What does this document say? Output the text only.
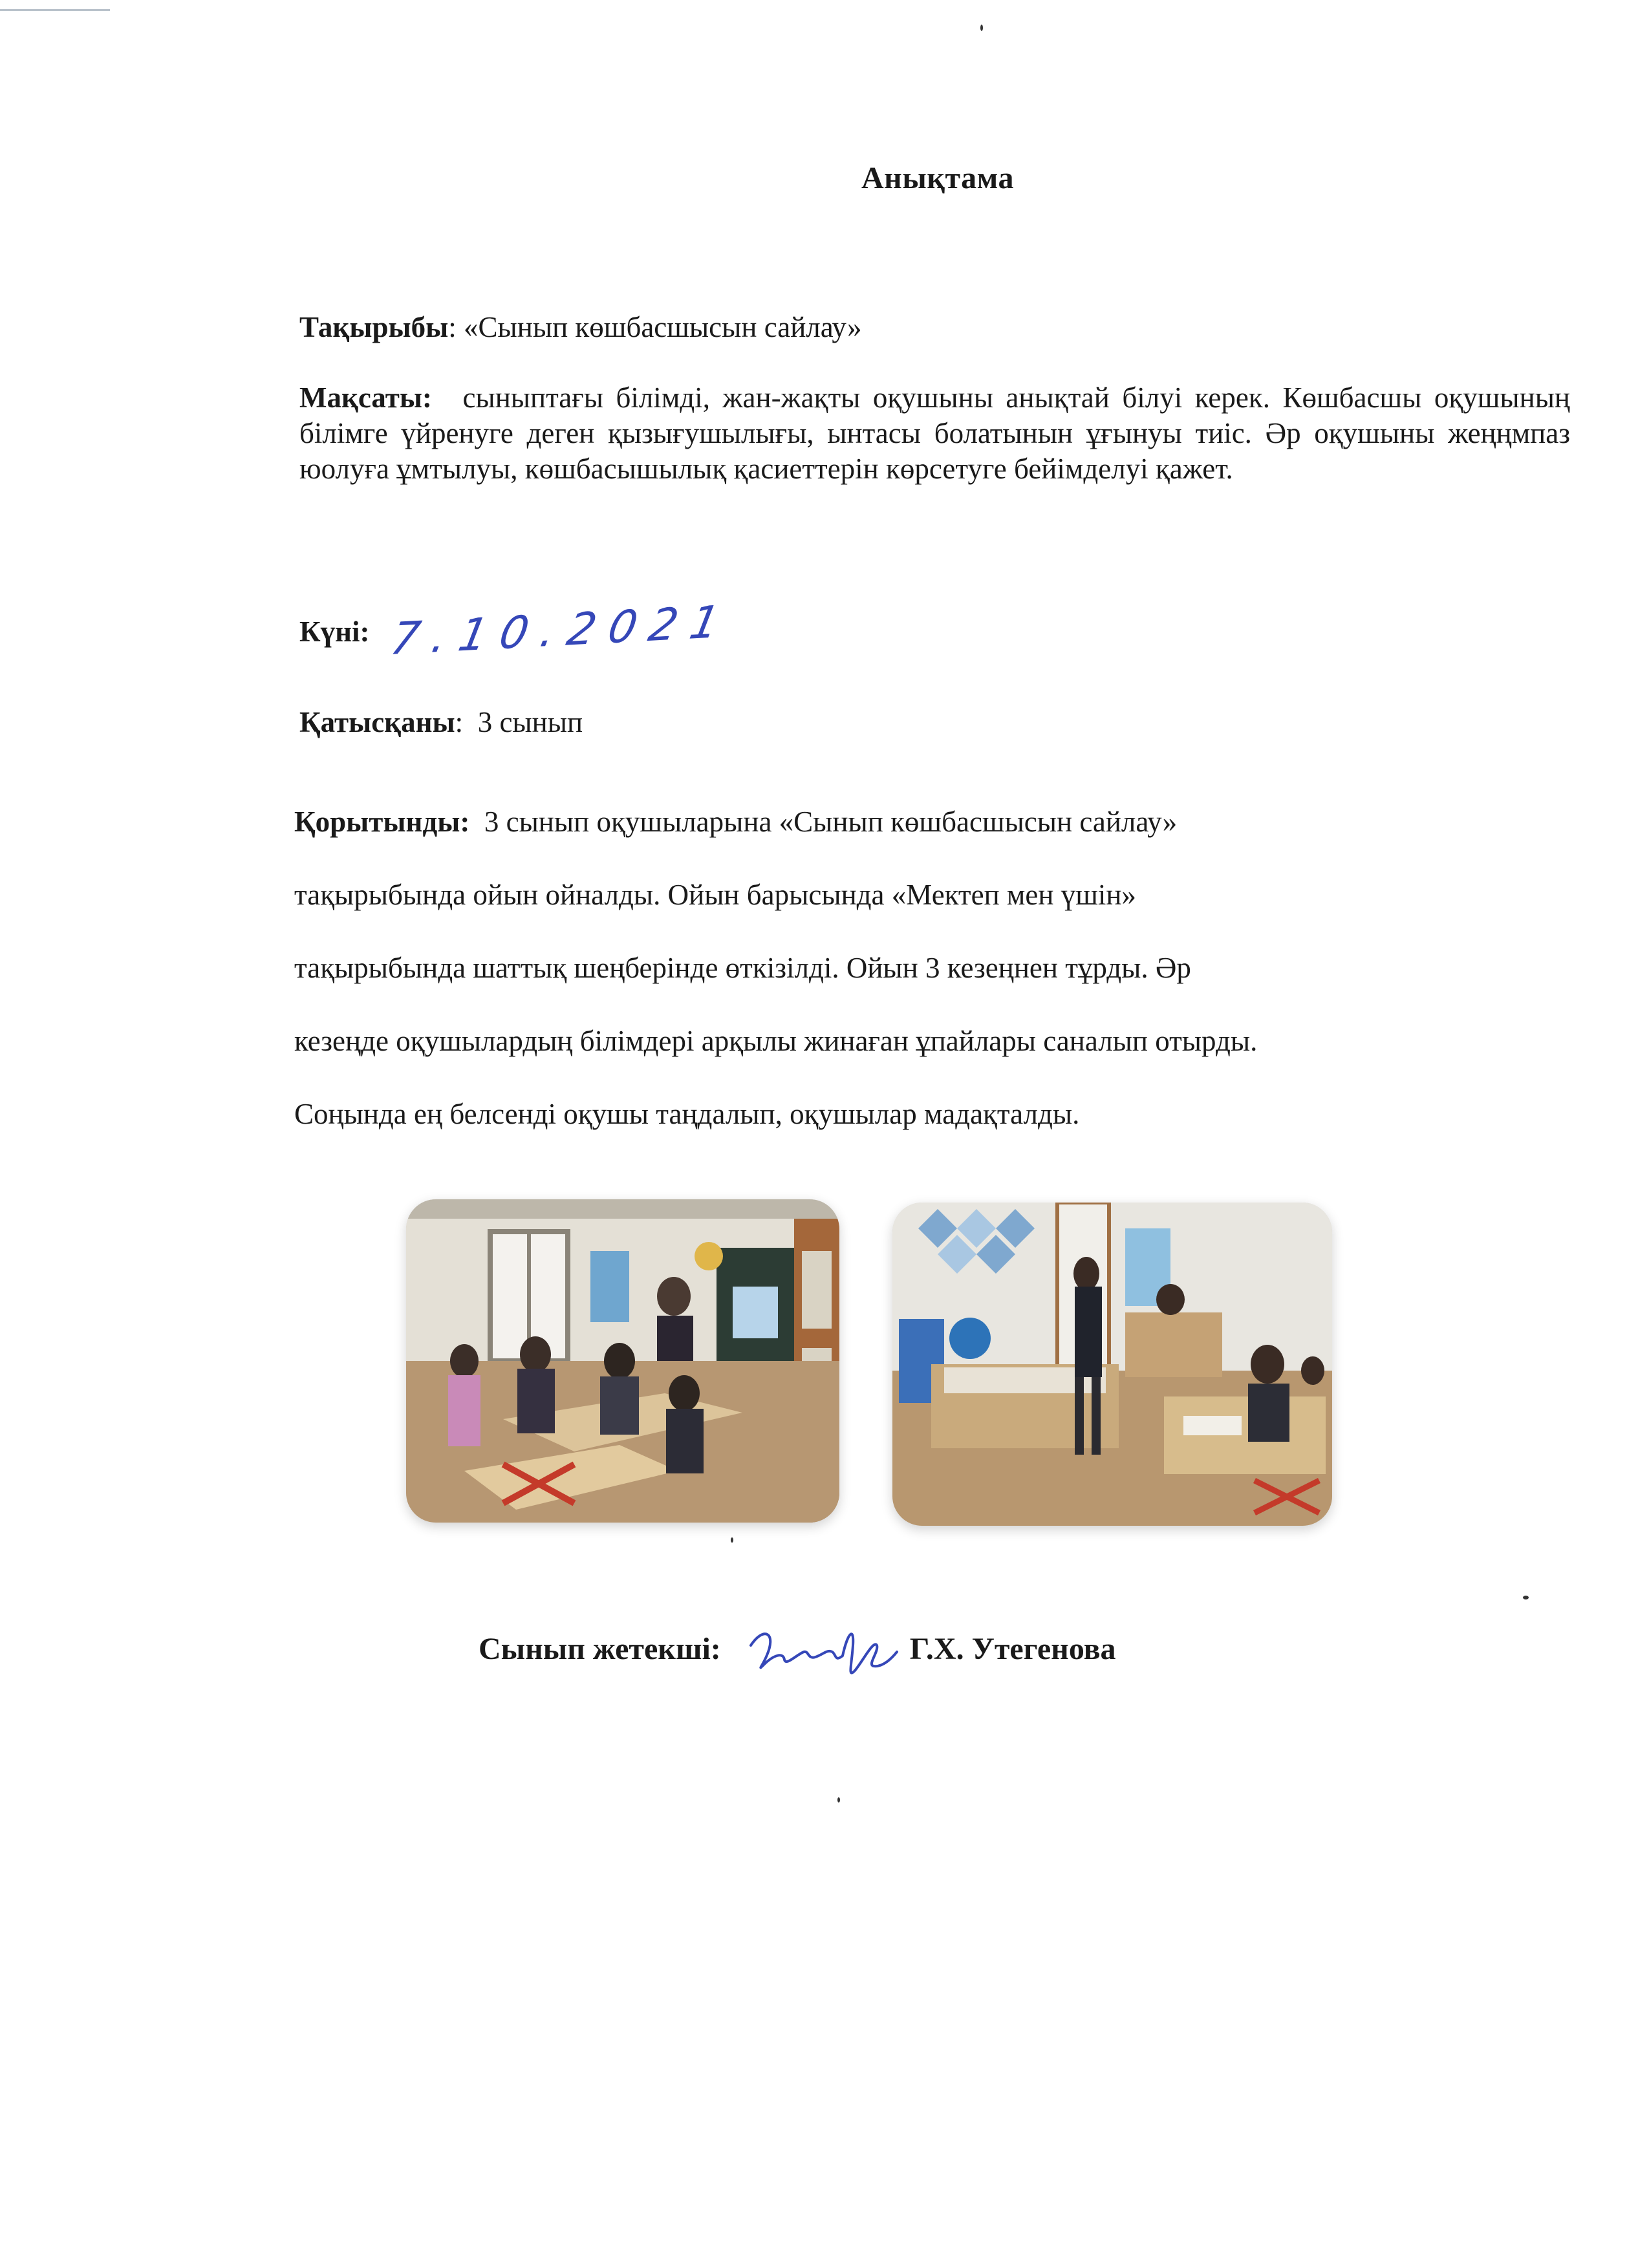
Анықтама
Тақырыбы: «Сынып көшбасшысын сайлау»
Мақсаты: сыныптағы білімді, жан-жақты оқушыны анықтай білуі керек. Көшбасшы оқушының білімге үйренуге деген қызығушылығы, ынтасы болатынын ұғынуы тиіс. Әр оқушыны жеңңмпаз юолуға ұмтылуы, көшбасышылық қасиеттерін көрсетуге бейімделуі қажет.
Күні: 7.10.2021
Қатысқаны:  3 сынып
Қорытынды: 3 сынып оқушыларына «Сынып көшбасшысын сайлау»
тақырыбында ойын ойналды. Ойын барысында «Мектеп мен үшін»
тақырыбында шаттық шеңберінде өткізілді. Ойын 3 кезеңнен тұрды. Әр
кезеңде оқушылардың білімдері арқылы жинаған ұпайлары саналып отырды.
Соңында ең белсенді оқушы таңдалып, оқушылар мадақталды.
Сынып жетекші:	Г.Х. Утегенова
